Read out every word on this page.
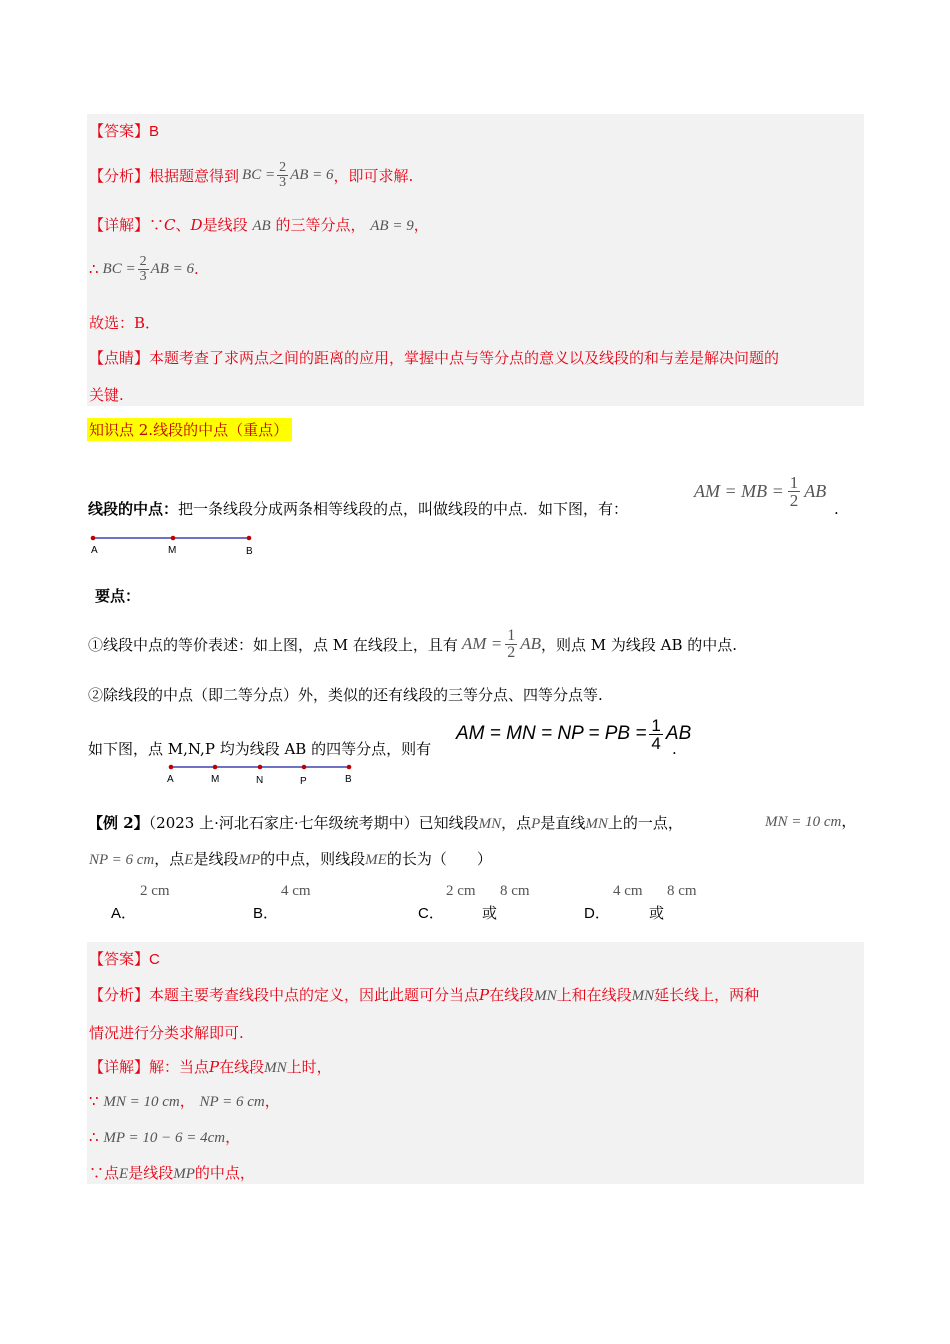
【答案】B
【分析】 根据题意得到 BC = $\frac{2}{3}$ AB = 6 ，即可求解.
【详解】∵C、D是线段 AB 的三等分点， AB = 9，
∴ BC = $\frac{2}{3}$ AB = 6 .
故选：B．
【点睛】本题考查了求两点之间的距离的应用，掌握中点与等分点的意义以及线段的和与差是解决问题的
关键.
知识点 2.线段的中点（重点）
线段的中点：把一条线段分成两条相等线段的点，叫做线段的中点．如下图，有：
AM = MB = $\frac{1}{2}$ AB
.
A	M	B
要点：
①线段中点的等价表述：如上图，点 M 在线段上，且有 AM = $\frac{1}{2}$ AB ，则点 M 为线段 AB 的中点.
②除线段的中点（即二等分点）外，类似的还有线段的三等分点、四等分点等.
如下图，点 M,N,P 均为线段 AB 的四等分点，则有
AM = MN = NP = PB = $\frac{1}{4}$ AB
.
A	M	N	P	B
【例 2】（2023 上·河北石家庄·七年级统考期中）已知线段MN，点P是直线MN上的一点，	MN = 10 cm，
NP = 6 cm，点E是线段MP的中点，则线段ME的长为（　　）
A．
2 cm
B．
4 cm
C．
2 cm
或
8 cm
D．
4 cm
或
8 cm
【答案】C
【分析】本题主要考查线段中点的定义，因此此题可分当点P在线段MN上和在线段MN延长线上，两种
情况进行分类求解即可.
【详解】解：当点P在线段MN上时，
∵ MN = 10 cm， NP = 6 cm，
∴ MP = 10 − 6 = 4cm，
∵点E是线段MP的中点，
